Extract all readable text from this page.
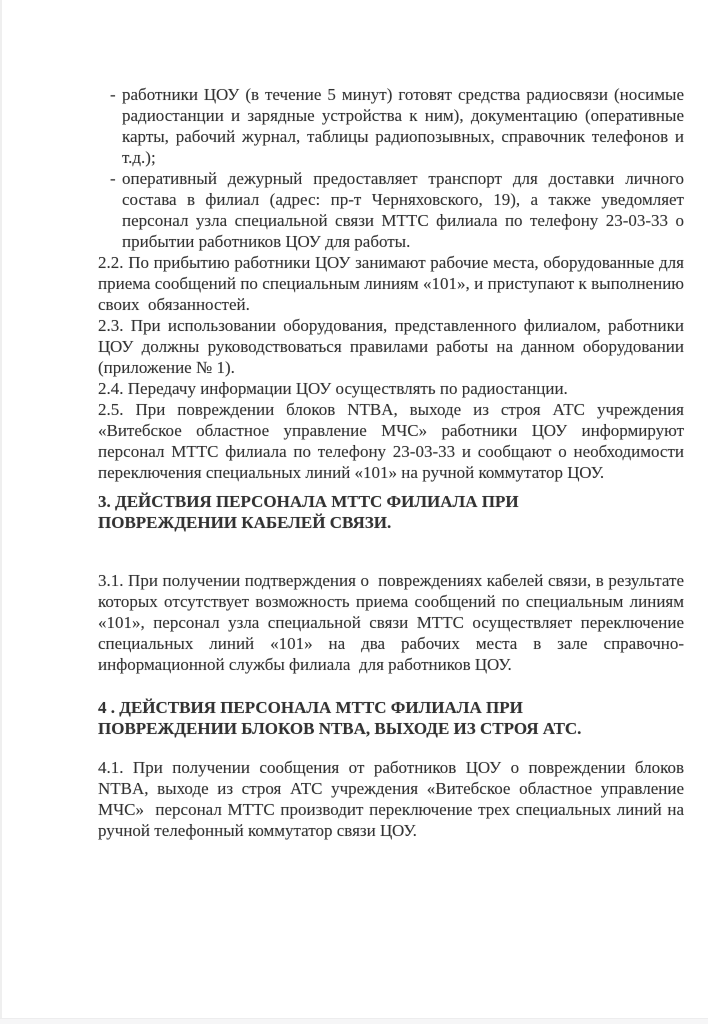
- работники ЦОУ (в течение 5 минут) готовят средства радиосвязи (носимые радиостанции и зарядные устройства к ним), документацию (оперативные карты, рабочий журнал, таблицы радиопозывных, справочник телефонов и т.д.);
- оперативный дежурный предоставляет транспорт для доставки личного состава в филиал (адрес: пр-т Черняховского, 19), а также уведомляет персонал узла специальной связи МТТС филиала по телефону 23-03-33 о прибытии работников ЦОУ для работы.

2.2. По прибытию работники ЦОУ занимают рабочие места, оборудованные для приема сообщений по специальным линиям «101», и приступают к выполнению своих  обязанностей.

2.3. При использовании оборудования, представленного филиалом, работники ЦОУ должны руководствоваться правилами работы на данном оборудовании (приложение № 1).

2.4. Передачу информации ЦОУ осуществлять по радиостанции.

2.5. При повреждении блоков NTBA, выходе из строя АТС учреждения «Витебское областное управление МЧС» работники ЦОУ информируют персонал МТТС филиала по телефону 23-03-33 и сообщают о необходимости переключения специальных линий «101» на ручной коммутатор ЦОУ.

3. ДЕЙСТВИЯ ПЕРСОНАЛА МТТС ФИЛИАЛА ПРИ
ПОВРЕЖДЕНИИ КАБЕЛЕЙ СВЯЗИ.

3.1. При получении подтверждения о  повреждениях кабелей связи, в результате  которых отсутствует возможность приема сообщений по специальным линиям «101», персонал узла специальной связи МТТС осуществляет переключение специальных линий «101» на два рабочих места в зале справочно-информационной службы филиала  для работников ЦОУ.

4 . ДЕЙСТВИЯ ПЕРСОНАЛА МТТС ФИЛИАЛА ПРИ
ПОВРЕЖДЕНИИ БЛОКОВ NTBA, ВЫХОДЕ ИЗ СТРОЯ АТС.

4.1. При получении сообщения от работников ЦОУ о повреждении блоков NTBA, выходе из строя АТС учреждения «Витебское областное управление МЧС»  персонал МТТС производит переключение трех специальных линий на ручной телефонный коммутатор связи ЦОУ.
